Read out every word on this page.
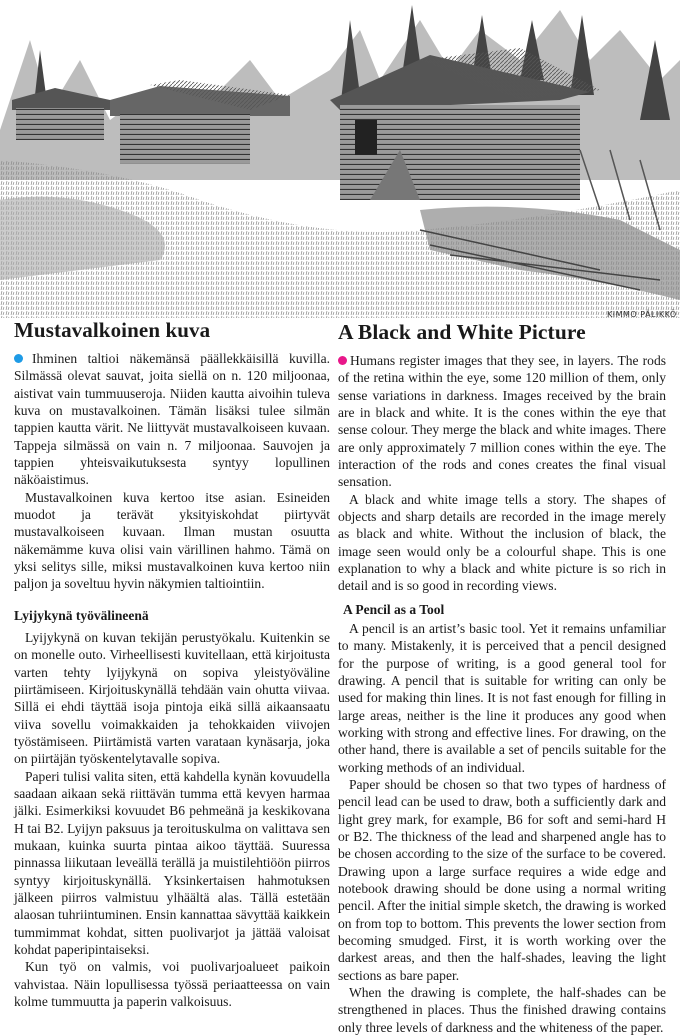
KIMMO PÄLIKKÖ
Mustavalkoinen kuva

Ihminen taltioi näkemänsä päällekkäisillä kuvilla. Silmässä olevat sauvat, joita siellä on n. 120 miljoonaa, aistivat vain tummuuseroja. Niiden kautta aivoihin tuleva kuva on mustavalkoinen. Tämän lisäksi tulee silmän tappien kautta värit. Ne liittyvät mustavalkoiseen kuvaan. Tappeja silmässä on vain n. 7 miljoonaa. Sauvojen ja tappien yhteisvaikutuksesta syntyy lopullinen näköaistimus.

Mustavalkoinen kuva kertoo itse asian. Esineiden muodot ja terävät yksityiskohdat piirtyvät mustavalkoiseen kuvaan. Ilman mustan osuutta näkemämme kuva olisi vain värillinen hahmo. Tämä on yksi selitys sille, miksi mustavalkoinen kuva kertoo niin paljon ja soveltuu hyvin näkymien taltiointiin.

Lyijykynä työvälineenä

Lyijykynä on kuvan tekijän perustyökalu. Kuitenkin se on monelle outo. Virheellisesti kuvitellaan, että kirjoitusta varten tehty lyijykynä on sopiva yleistyöväline piirtämiseen. Kirjoituskynällä tehdään vain ohutta viivaa. Sillä ei ehdi täyttää isoja pintoja eikä sillä aikaansaatu viiva sovellu voimakkaiden ja tehokkaiden viivojen työstämiseen. Piirtämistä varten varataan kynäsarja, joka on piirtäjän työskentelytavalle sopiva.

Paperi tulisi valita siten, että kahdella kynän kovuudella saadaan aikaan sekä riittävän tumma että kevyen harmaa jälki. Esimerkiksi kovuudet B6 pehmeänä ja keskikovana H tai B2. Lyijyn paksuus ja teroituskulma on valittava sen mukaan, kuinka suurta pintaa aikoo täyttää. Suuressa pinnassa liikutaan leveällä terällä ja muistilehtiöön piirros syntyy kirjoituskynällä. Yksinkertaisen hahmotuksen jälkeen piirros valmistuu ylhäältä alas. Tällä estetään alaosan tuhriintuminen. Ensin kannattaa sävyttää kaikkein tummimmat kohdat, sitten puolivarjot ja jättää valoisat kohdat paperipintaiseksi.

Kun työ on valmis, voi puolivarjoalueet paikoin vahvistaa. Näin lopullisessa työssä periaatteessa on vain kolme tummuutta ja paperin valkoisuus.

A Black and White Picture

Humans register images that they see, in layers. The rods of the retina within the eye, some 120 million of them, only sense variations in darkness. Images received by the brain are in black and white. It is the cones within the eye that sense colour. They merge the black and white images. There are only approximately 7 million cones within the eye. The interaction of the rods and cones creates the final visual sensation.

A black and white image tells a story. The shapes of objects and sharp details are recorded in the image merely as black and white. Without the inclusion of black, the image seen would only be a colourful shape. This is one explanation to why a black and white picture is so rich in detail and is so good in recording views.

A Pencil as a Tool

A pencil is an artist’s basic tool. Yet it remains unfamiliar to many. Mistakenly, it is perceived that a pencil designed for the purpose of writing, is a good general tool for drawing. A pencil that is suitable for writing can only be used for making thin lines. It is not fast enough for filling in large areas, neither is the line it produces any good when working with strong and effective lines. For drawing, on the other hand, there is available a set of pencils suitable for the working methods of an individual.

Paper should be chosen so that two types of hardness of pencil lead can be used to draw, both a sufficiently dark and light grey mark, for example, B6 for soft and semi-hard H or B2. The thickness of the lead and sharpened angle has to be chosen according to the size of the surface to be covered. Drawing upon a large surface requires a wide edge and notebook drawing should be done using a normal writing pencil. After the initial simple sketch, the drawing is worked on from top to bottom. This prevents the lower section from becoming smudged. First, it is worth working over the darkest areas, and then the half-shades, leaving the light sections as bare paper.

When the drawing is complete, the half-shades can be strengthened in places. Thus the finished drawing contains only three levels of darkness and the whiteness of the paper.
